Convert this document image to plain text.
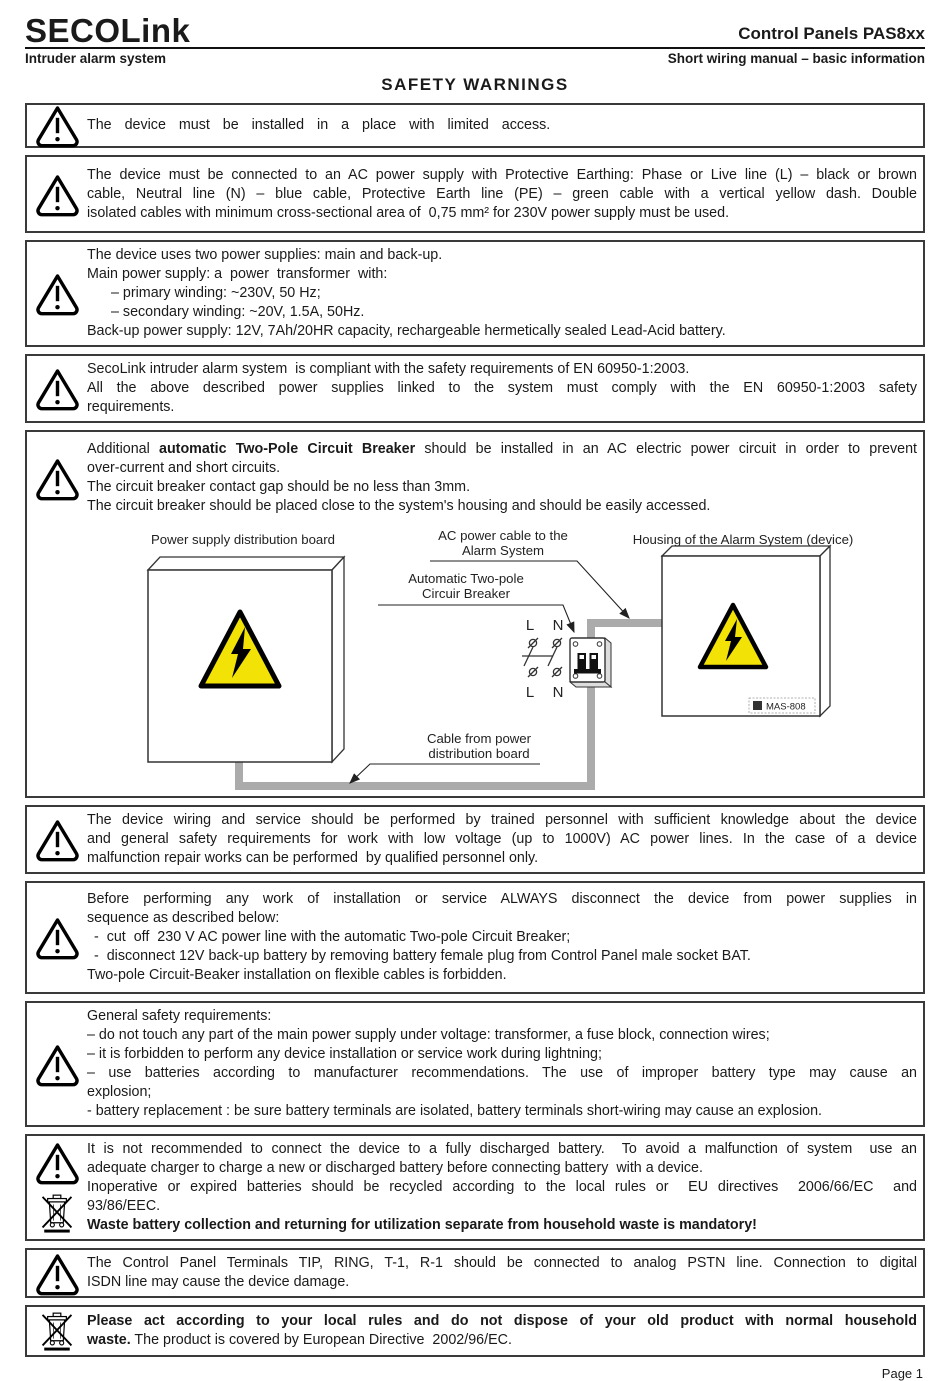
SECOLink	Control Panels PAS8xx
Intruder alarm system	Short wiring manual – basic information
SAFETY WARNINGS

The  device  must  be  installed  in  a  place  with  limited  access.

The device must be connected to an AC power supply with Protective Earthing: Phase or Live line (L) – black or brown

cable, Neutral line (N) – blue cable, Protective Earth line (PE) – green cable with a vertical yellow dash. Double

isolated cables with minimum cross-sectional area of  0,75 mm² for 230V power supply must be used.

The device uses two power supplies: main and back-up.

Main power supply: a  power  transformer  with:

– primary winding: ~230V, 50 Hz;

– secondary winding: ~20V, 1.5A, 50Hz.

Back-up power supply: 12V, 7Ah/20HR capacity, rechargeable hermetically sealed Lead-Acid battery.

SecoLink intruder alarm system  is compliant with the safety requirements of EN 60950-1:2003.

All the above described power supplies linked to the system must comply with the EN 60950-1:2003 safety

requirements.

Additional automatic Two-Pole Circuit Breaker should be installed in an AC electric power circuit in order to prevent

over-current and short circuits.

The circuit breaker contact gap should be no less than 3mm.

The circuit breaker should be placed close to the system's housing and should be easily accessed.

Power supply distribution board
MAS-808
Housing of the Alarm System (device)
L N
L N
AC power cable to the
Alarm System
Automatic Two-pole
Circuir Breaker
Cable from power
distribution board

The device wiring and service should be performed by trained personnel with sufficient knowledge about the device

and general safety requirements for work with low voltage (up to 1000V) AC power lines. In the case of a device

malfunction repair works can be performed  by qualified personnel only.

Before performing any work of installation or service ALWAYS disconnect the device from power supplies in

sequence as described below:

-  cut  off  230 V AC power line with the automatic Two-pole Circuit Breaker;

-  disconnect 12V back-up battery by removing battery female plug from Control Panel male socket BAT.

Two-pole Circuit-Beaker installation on flexible cables is forbidden.

General safety requirements:

– do not touch any part of the main power supply under voltage: transformer, a fuse block, connection wires;

– it is forbidden to perform any device installation or service work during lightning;

– use batteries according to manufacturer recommendations. The use of improper battery type may cause an

explosion;

- battery replacement : be sure battery terminals are isolated, battery terminals short-wiring may cause an explosion.

It is not recommended to connect the device to a fully discharged battery.  To avoid a malfunction of system  use an

adequate charger to charge a new or discharged battery before connecting battery  with a device.

Inoperative or expired batteries should be recycled according to the local rules or  EU directives  2006/66/EC  and

93/86/EEC.

Waste battery collection and returning for utilization separate from household waste is mandatory!

The Control Panel Terminals TIP, RING, T-1, R-1 should be connected to analog PSTN line. Connection to digital

ISDN line may cause the device damage.

Please act according to your local rules and do not dispose of your old product with normal household

waste. The product is covered by European Directive  2002/96/EC.

Page 1
